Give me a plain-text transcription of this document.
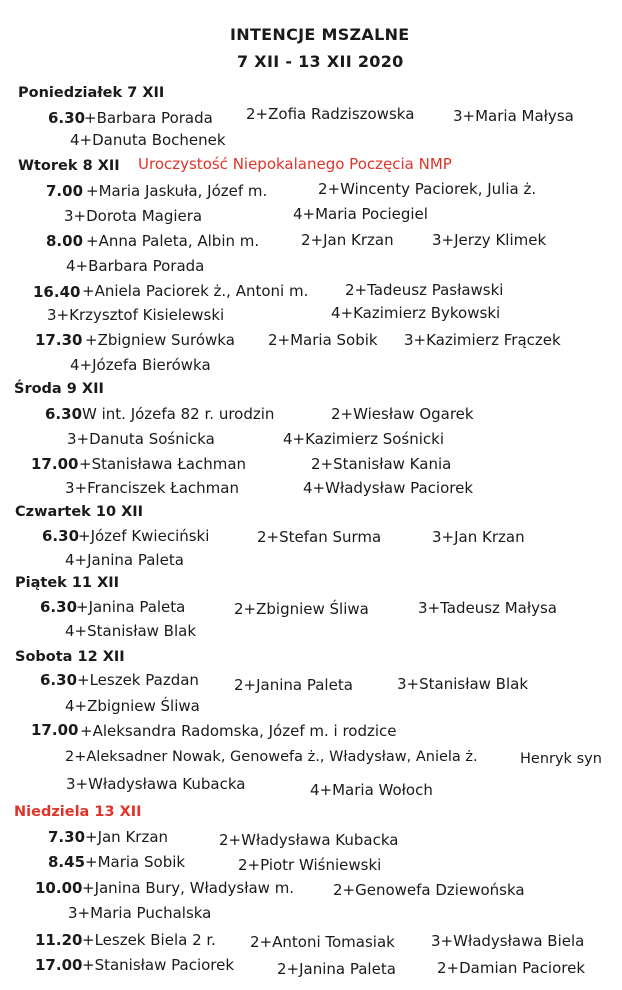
INTENCJE MSZALNE
7 XII - 13 XII 2020
Poniedziałek 7 XII
6.30
+Barbara Porada 2+Zofia Radziszowska	3+Maria Małysa
4+Danuta Bochenek
Wtorek 8 XII Uroczystość Niepokalanego Poczęcia NMP
7.00 +Maria Jaskuła, Józef m.	2+Wincenty Paciorek, Julia ż.
3+Dorota Magiera	4+Maria Pociegiel
8.00 +Anna Paleta, Albin m.	2+Jan Krzan	3+Jerzy Klimek
4+Barbara Porada
16.40 +Aniela Paciorek ż., Antoni m. 2+Tadeusz Pasławski
3+Krzysztof Kisielewski	4+Kazimierz Bykowski
17.30 +Zbigniew Surówka 2+Maria Sobik 3+Kazimierz Frączek
4+Józefa Bierówka
Środa 9 XII
6.30 W int. Józefa 82 r. urodzin	2+Wiesław Ogarek
3+Danuta Sośnicka	4+Kazimierz Sośnicki
17.00 +Stanisława Łachman	2+Stanisław Kania
3+Franciszek Łachman	4+Władysław Paciorek
Czwartek 10 XII
6.30
+Józef Kwieciński	2+Stefan Surma	3+Jan Krzan
4+Janina Paleta
Piątek 11 XII
6.30
+Janina Paleta	2+Zbigniew Śliwa	3+Tadeusz Małysa
4+Stanisław Blak
Sobota 12 XII
6.30 +Leszek Pazdan 2+Janina Paleta	3+Stanisław Blak
4+Zbigniew Śliwa
17.00 +Aleksandra Radomska, Józef m. i rodzice
2+Aleksadner Nowak, Genowefa ż., Władysław, Aniela ż.	Henryk syn
3+Władysława Kubacka	4+Maria Wołoch
Niedziela 13 XII
7.30 +Jan Krzan	2+Władysława Kubacka
8.45 +Maria Sobik	2+Piotr Wiśniewski
10.00 +Janina Bury, Władysław m.	2+Genowefa Dziewońska
3+Maria Puchalska
11.20 +Leszek Biela 2 r. 2+Antoni Tomasiak 3+Władysława Biela
17.00 +Stanisław Paciorek	2+Janina Paleta	2+Damian Paciorek
